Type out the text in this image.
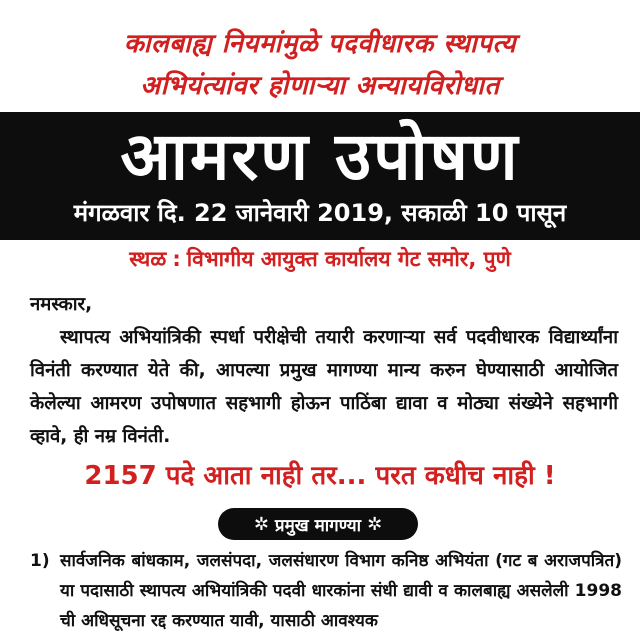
कालबाह्य नियमांमुळे पदवीधारक स्थापत्य
अभियंत्यांवर होणाऱ्या अन्यायविरोधात
आमरण उपोषण
मंगळवार दि. 22 जानेवारी 2019, सकाळी 10 पासून
स्थळ : विभागीय आयुक्त कार्यालय गेट समोर, पुणे
नमस्कार,
स्थापत्य अभियांत्रिकी स्पर्धा परीक्षेची तयारी करणाऱ्या सर्व पदवीधारक विद्यार्थ्यांना विनंती करण्यात येते की, आपल्या प्रमुख मागण्या मान्य करुन घेण्यासाठी आयोजित केलेल्या आमरण उपोषणात सहभागी होऊन पाठिंबा द्यावा व मोठ्या संख्येने सहभागी व्हावे, ही नम्र विनंती.
2157 पदे आता नाही तर... परत कधीच नाही !
✲ प्रमुख मागण्या ✲
1) सार्वजनिक बांधकाम, जलसंपदा, जलसंधारण विभाग कनिष्ठ अभियंता (गट ब अराजपत्रित) या पदासाठी स्थापत्य अभियांत्रिकी पदवी धारकांना संधी द्यावी व कालबाह्य असलेली 1998 ची अधिसूचना रद्द करण्यात यावी, यासाठी आवश्यक
